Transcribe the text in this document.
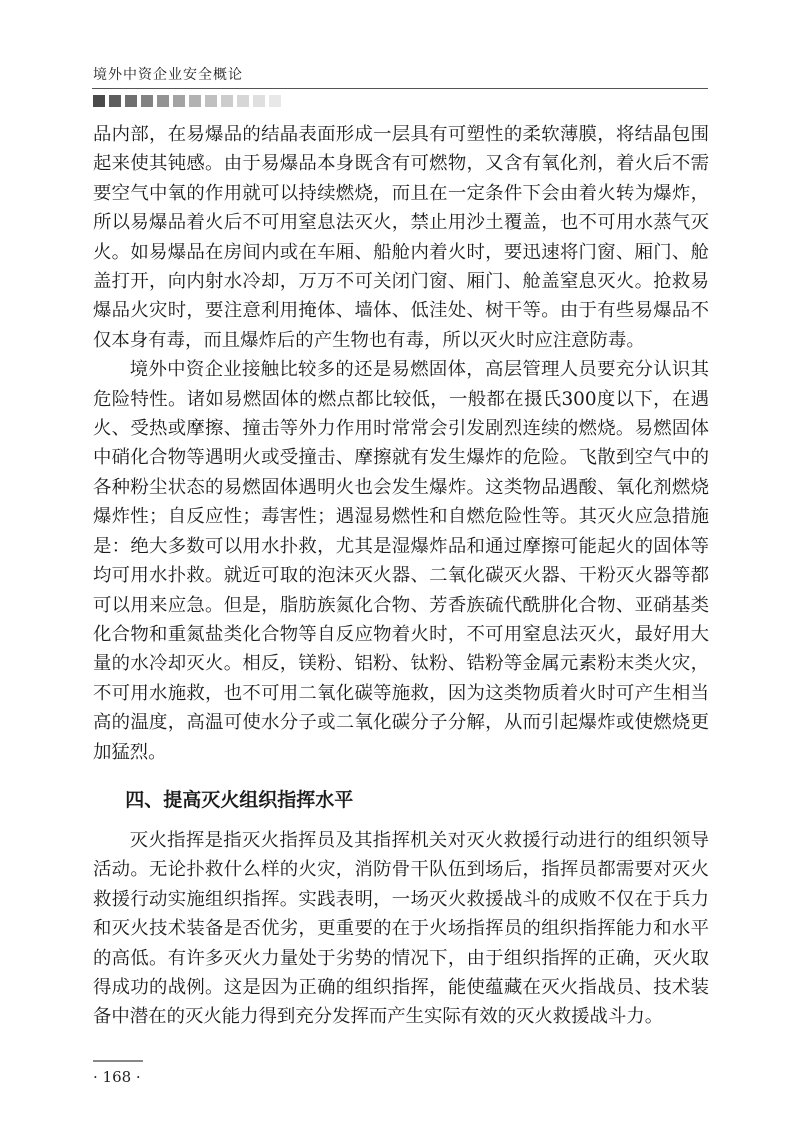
境外中资企业安全概论

品内部，在易爆品的结晶表面形成一层具有可塑性的柔软薄膜，将结晶包围起来使其钝感。由于易爆品本身既含有可燃物，又含有氧化剂，着火后不需要空气中氧的作用就可以持续燃烧，而且在一定条件下会由着火转为爆炸，所以易爆品着火后不可用窒息法灭火，禁止用沙土覆盖，也不可用水蒸气灭火。如易爆品在房间内或在车厢、船舱内着火时，要迅速将门窗、厢门、舱盖打开，向内射水冷却，万万不可关闭门窗、厢门、舱盖窒息灭火。抢救易爆品火灾时，要注意利用掩体、墙体、低洼处、树干等。由于有些易爆品不仅本身有毒，而且爆炸后的产生物也有毒，所以灭火时应注意防毒。

境外中资企业接触比较多的还是易燃固体，高层管理人员要充分认识其危险特性。诸如易燃固体的燃点都比较低，一般都在摄氏300度以下，在遇火、受热或摩擦、撞击等外力作用时常常会引发剧烈连续的燃烧。易燃固体中硝化合物等遇明火或受撞击、摩擦就有发生爆炸的危险。飞散到空气中的各种粉尘状态的易燃固体遇明火也会发生爆炸。这类物品遇酸、氧化剂燃烧爆炸性；自反应性；毒害性；遇湿易燃性和自燃危险性等。其灭火应急措施是：绝大多数可以用水扑救，尤其是湿爆炸品和通过摩擦可能起火的固体等均可用水扑救。就近可取的泡沫灭火器、二氧化碳灭火器、干粉灭火器等都可以用来应急。但是，脂肪族氮化合物、芳香族硫代酰肼化合物、亚硝基类化合物和重氮盐类化合物等自反应物着火时，不可用窒息法灭火，最好用大量的水冷却灭火。相反，镁粉、铝粉、钛粉、锆粉等金属元素粉末类火灾，不可用水施救，也不可用二氧化碳等施救，因为这类物质着火时可产生相当高的温度，高温可使水分子或二氧化碳分子分解，从而引起爆炸或使燃烧更加猛烈。

四、提高灭火组织指挥水平

灭火指挥是指灭火指挥员及其指挥机关对灭火救援行动进行的组织领导活动。无论扑救什么样的火灾，消防骨干队伍到场后，指挥员都需要对灭火救援行动实施组织指挥。实践表明，一场灭火救援战斗的成败不仅在于兵力和灭火技术装备是否优劣，更重要的在于火场指挥员的组织指挥能力和水平的高低。有许多灭火力量处于劣势的情况下，由于组织指挥的正确，灭火取得成功的战例。这是因为正确的组织指挥，能使蕴藏在灭火指战员、技术装备中潜在的灭火能力得到充分发挥而产生实际有效的灭火救援战斗力。

· 168 ·
